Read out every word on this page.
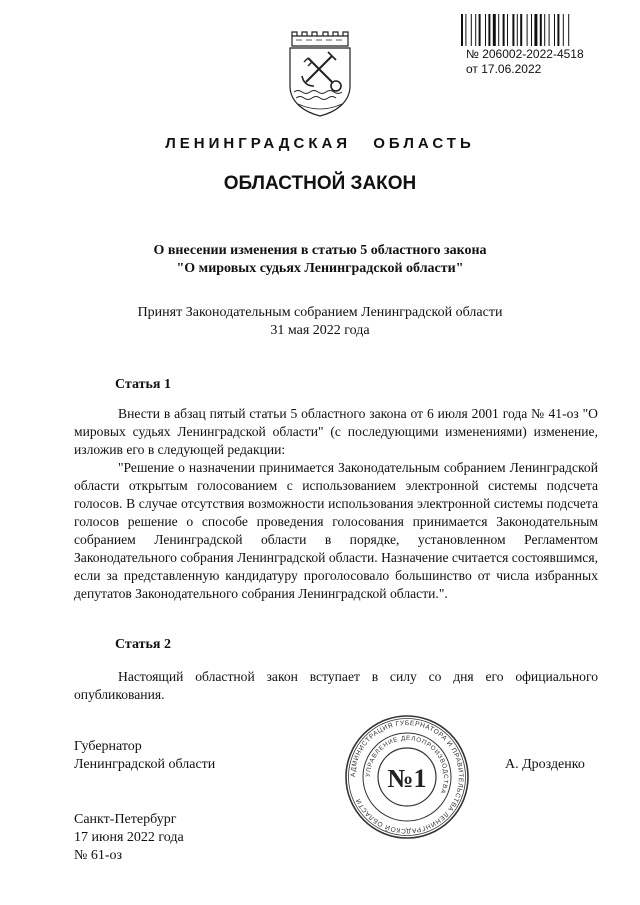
№ 206002-2022-4518
от 17.06.2022
ЛЕНИНГРАДСКАЯ ОБЛАСТЬ
ОБЛАСТНОЙ ЗАКОН
О внесении изменения в статью 5 областного закона
"О мировых судьях Ленинградской области"
Принят Законодательным собранием Ленинградской области
31 мая 2022 года
Статья 1
Внести в абзац пятый статьи 5 областного закона от 6 июля 2001 года № 41-оз "О мировых судьях Ленинградской области" (с последующими изменениями) изменение, изложив его в следующей редакции:
"Решение о назначении принимается Законодательным собранием Ленинградской области открытым голосованием с использованием электронной системы подсчета голосов. В случае отсутствия возможности использования электронной системы подсчета голосов решение о способе проведения голосования принимается Законодательным собранием Ленинградской области в порядке, установленном Регламентом Законодательного собрания Ленинградской области. Назначение считается состоявшимся, если за представленную кандидатуру проголосовало большинство от числа избранных депутатов Законодательного собрания Ленинградской области.".
Статья 2
Настоящий областной закон вступает в силу со дня его официального опубликования.
Губернатор
Ленинградской области	А. Дрозденко
АДМИНИСТРАЦИЯ ГУБЕРНАТОРА И ПРАВИТЕЛЬСТВА ЛЕНИНГРАДСКОЙ ОБЛАСТИ
УПРАВЛЕНИЕ ДЕЛОПРОИЗВОДСТВА
№1
Санкт-Петербург
17 июня 2022 года
№ 61-оз
